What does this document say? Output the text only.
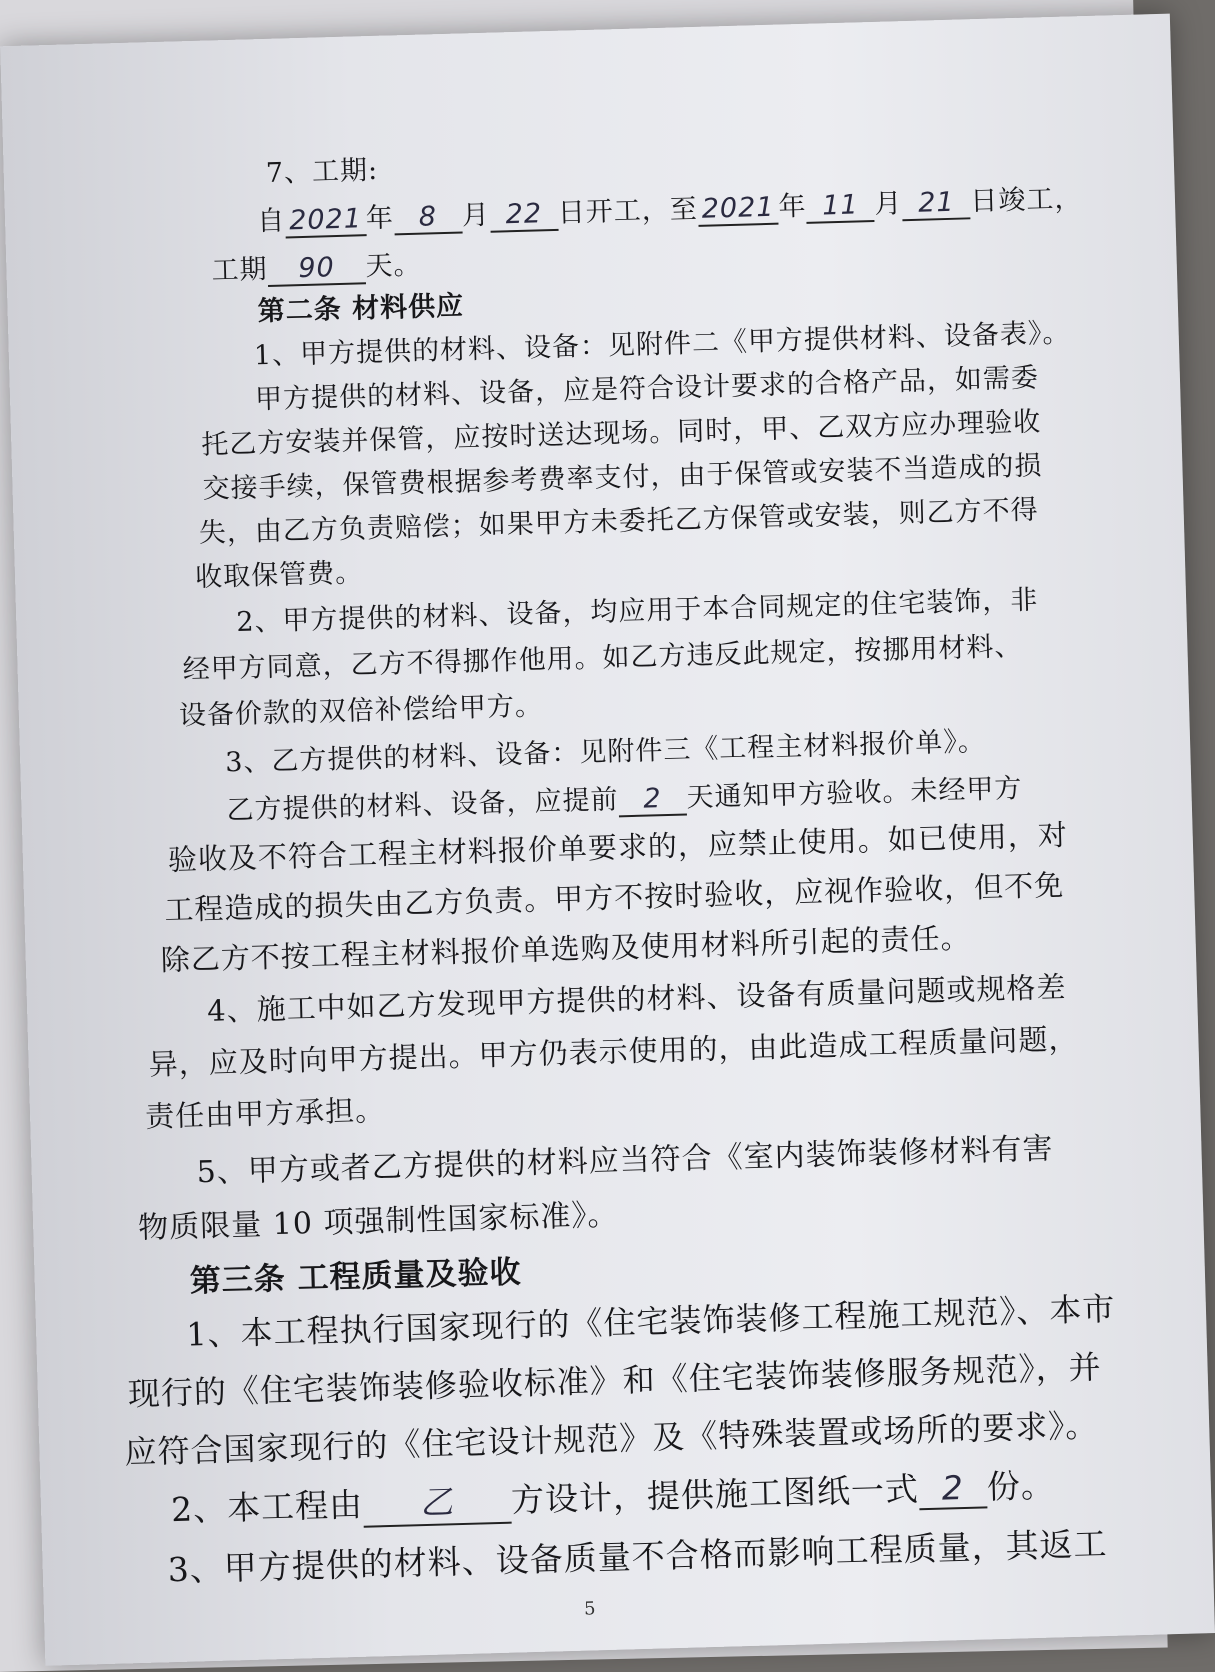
7、工期:
自 2021 年 8 月 22 日开工，至 2021 年 11 月 21 日竣工，
工期 90 天。
第二条 材料供应
1、甲方提供的材料、设备：见附件二《甲方提供材料、设备表》。
甲方提供的材料、设备，应是符合设计要求的合格产品，如需委
托乙方安装并保管，应按时送达现场。同时，甲、乙双方应办理验收
交接手续，保管费根据参考费率支付，由于保管或安装不当造成的损
失，由乙方负责赔偿；如果甲方未委托乙方保管或安装，则乙方不得
收取保管费。
2、甲方提供的材料、设备，均应用于本合同规定的住宅装饰，非
经甲方同意，乙方不得挪作他用。如乙方违反此规定，按挪用材料、
设备价款的双倍补偿给甲方。
3、乙方提供的材料、设备：见附件三《工程主材料报价单》。
乙方提供的材料、设备，应提前 2 天通知甲方验收。未经甲方
验收及不符合工程主材料报价单要求的，应禁止使用。如已使用，对
工程造成的损失由乙方负责。甲方不按时验收，应视作验收，但不免
除乙方不按工程主材料报价单选购及使用材料所引起的责任。
4、施工中如乙方发现甲方提供的材料、设备有质量问题或规格差
异，应及时向甲方提出。甲方仍表示使用的，由此造成工程质量问题，
责任由甲方承担。
5、甲方或者乙方提供的材料应当符合《室内装饰装修材料有害
物质限量 10 项强制性国家标准》。
第三条 工程质量及验收
1、本工程执行国家现行的《住宅装饰装修工程施工规范》、本市
现行的《住宅装饰装修验收标准》和《住宅装饰装修服务规范》，并
应符合国家现行的《住宅设计规范》及《特殊装置或场所的要求》。
2、本工程由 乙 方设计，提供施工图纸一式 2 份。
3、甲方提供的材料、设备质量不合格而影响工程质量，其返工
5
